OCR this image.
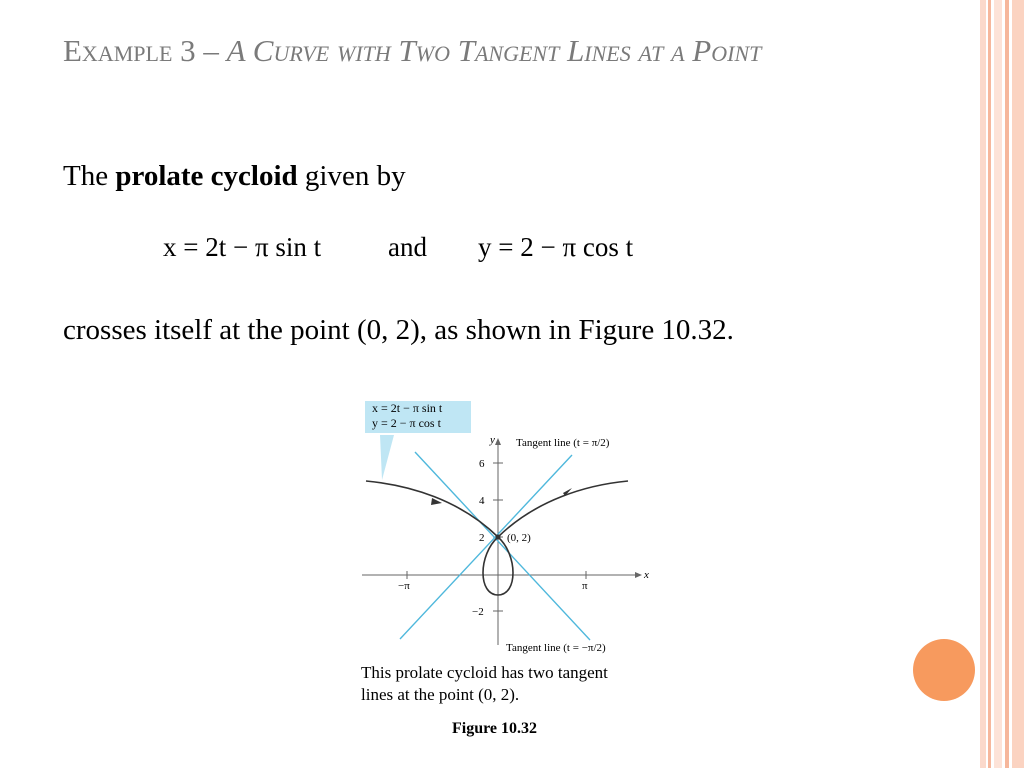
Example 3 – A Curve with Two Tangent Lines at a Point
The prolate cycloid given by
x = 2t − π sin t and y = 2 − π cos t
crosses itself at the point (0, 2), as shown in Figure 10.32.
y
x
6
4
2
−2
−π	π
(0, 2)
Tangent line (t = π/2)
Tangent line (t = −π/2)
x = 2t − π sin t
y = 2 − π cos t
This prolate cycloid has two tangent
lines at the point (0, 2).
Figure 10.32
